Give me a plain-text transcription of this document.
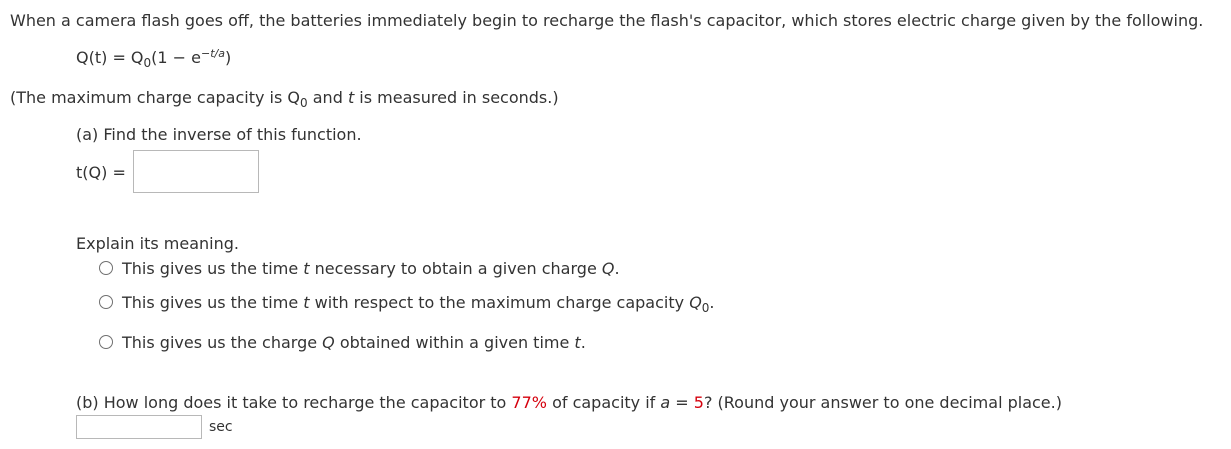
When a camera flash goes off, the batteries immediately begin to recharge the flash's capacitor, which stores electric charge given by the following.
$Q(t) = Q_0(1 - e^{-t/a})$
(The maximum charge capacity is $Q_0$ and t is measured in seconds.)
(a) Find the inverse of this function.
t(Q) =
Explain its meaning.
This gives us the time t necessary to obtain a given charge Q.
This gives us the time t with respect to the maximum charge capacity $Q_0$.
This gives us the charge Q obtained within a given time t.
(b) How long does it take to recharge the capacitor to 77% of capacity if a = 5? (Round your answer to one decimal place.)
sec
